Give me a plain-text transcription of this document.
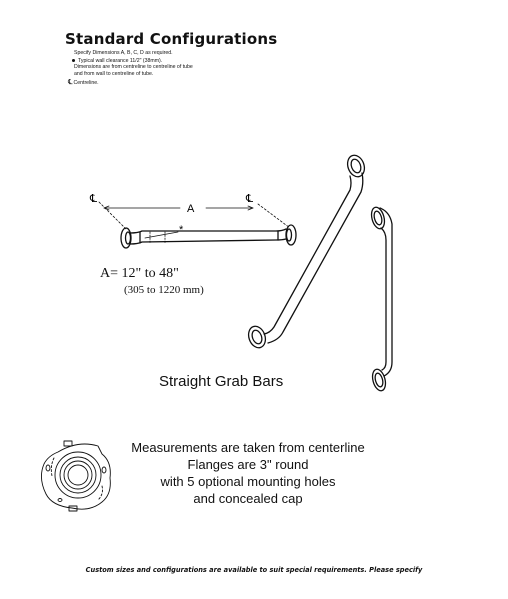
Standard Configurations
Specify Dimensions A, B, C, D as required.
Typical wall clearance 11/2" (38mm).
Dimensions are from centreline to centreline of tube
and from wall to centreline of tube.
℄Centreline.
℄	℄
A
*
A= 12" to 48"
(305 to 1220 mm)
Straight Grab Bars
Measurements are taken from centerline
Flanges are 3" round
with 5 optional mounting holes
and concealed cap
Custom sizes and configurations are available to suit special requirements. Please specify
